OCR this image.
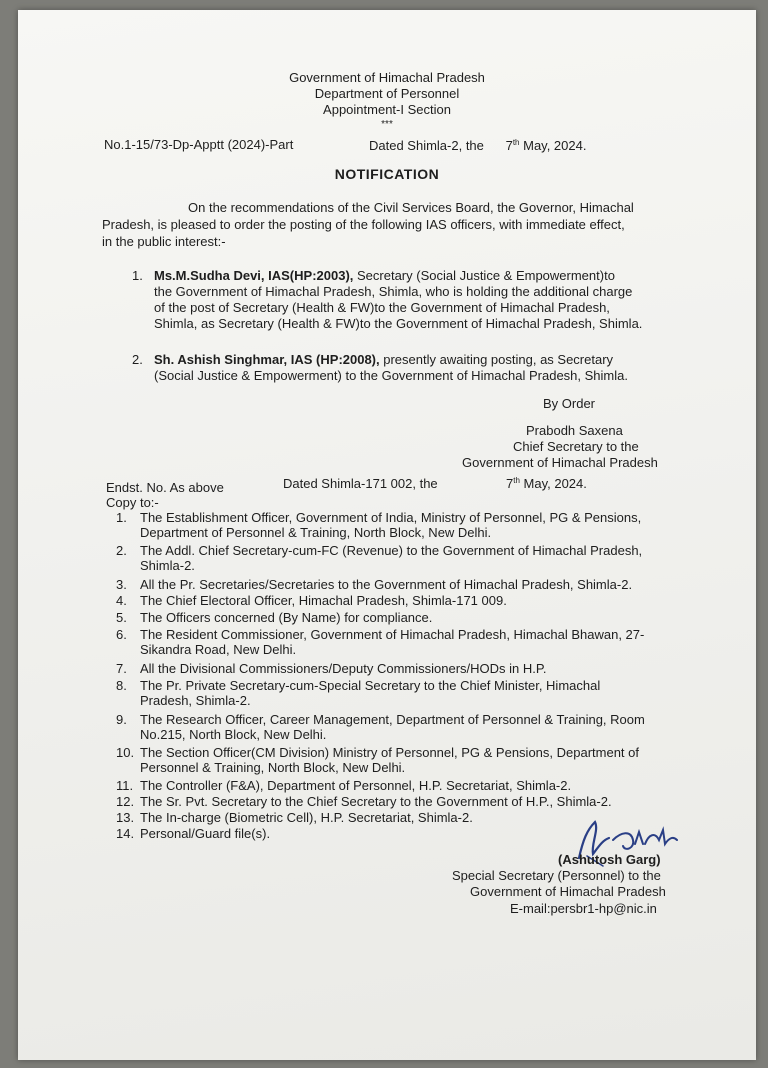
Government of Himachal Pradesh
Department of Personnel
Appointment-I Section
***
No.1-15/73-Dp-Apptt (2024)-Part	Dated Shimla-2, the 7th May, 2024.
NOTIFICATION
On the recommendations of the Civil Services Board, the Governor, Himachal
Pradesh, is pleased to order the posting of the following IAS officers, with immediate effect,
in the public interest:-
1. Ms.M.Sudha Devi, IAS(HP:2003), Secretary (Social Justice & Empowerment)to
the Government of Himachal Pradesh, Shimla, who is holding the additional charge
of the post of Secretary (Health & FW)to the Government of Himachal Pradesh,
Shimla, as Secretary (Health & FW)to the Government of Himachal Pradesh, Shimla.
2. Sh. Ashish Singhmar, IAS (HP:2008), presently awaiting posting, as Secretary
(Social Justice & Empowerment) to the Government of Himachal Pradesh, Shimla.
By Order
Prabodh Saxena
Chief Secretary to the
Government of Himachal Pradesh
Endst. No. As above	Dated Shimla-171 002, the	7th May, 2024.
Copy to:-
1. The Establishment Officer, Government of India, Ministry of Personnel, PG & Pensions,
Department of Personnel & Training, North Block, New Delhi.
2. The Addl. Chief Secretary-cum-FC (Revenue) to the Government of Himachal Pradesh,
Shimla-2.
3. All the Pr. Secretaries/Secretaries to the Government of Himachal Pradesh, Shimla-2.
4. The Chief Electoral Officer, Himachal Pradesh, Shimla-171 009.
5. The Officers concerned (By Name) for compliance.
6. The Resident Commissioner, Government of Himachal Pradesh, Himachal Bhawan, 27-
Sikandra Road, New Delhi.
7. All the Divisional Commissioners/Deputy Commissioners/HODs in H.P.
8. The Pr. Private Secretary-cum-Special Secretary to the Chief Minister, Himachal
Pradesh, Shimla-2.
9. The Research Officer, Career Management, Department of Personnel & Training, Room
No.215, North Block, New Delhi.
10. The Section Officer(CM Division) Ministry of Personnel, PG & Pensions, Department of
Personnel & Training, North Block, New Delhi.
11. The Controller (F&A), Department of Personnel, H.P. Secretariat, Shimla-2.
12. The Sr. Pvt. Secretary to the Chief Secretary to the Government of H.P., Shimla-2.
13. The In-charge (Biometric Cell), H.P. Secretariat, Shimla-2.
14. Personal/Guard file(s).
(Ashutosh Garg)
Special Secretary (Personnel) to the
Government of Himachal Pradesh
E-mail:persbr1-hp@nic.in
